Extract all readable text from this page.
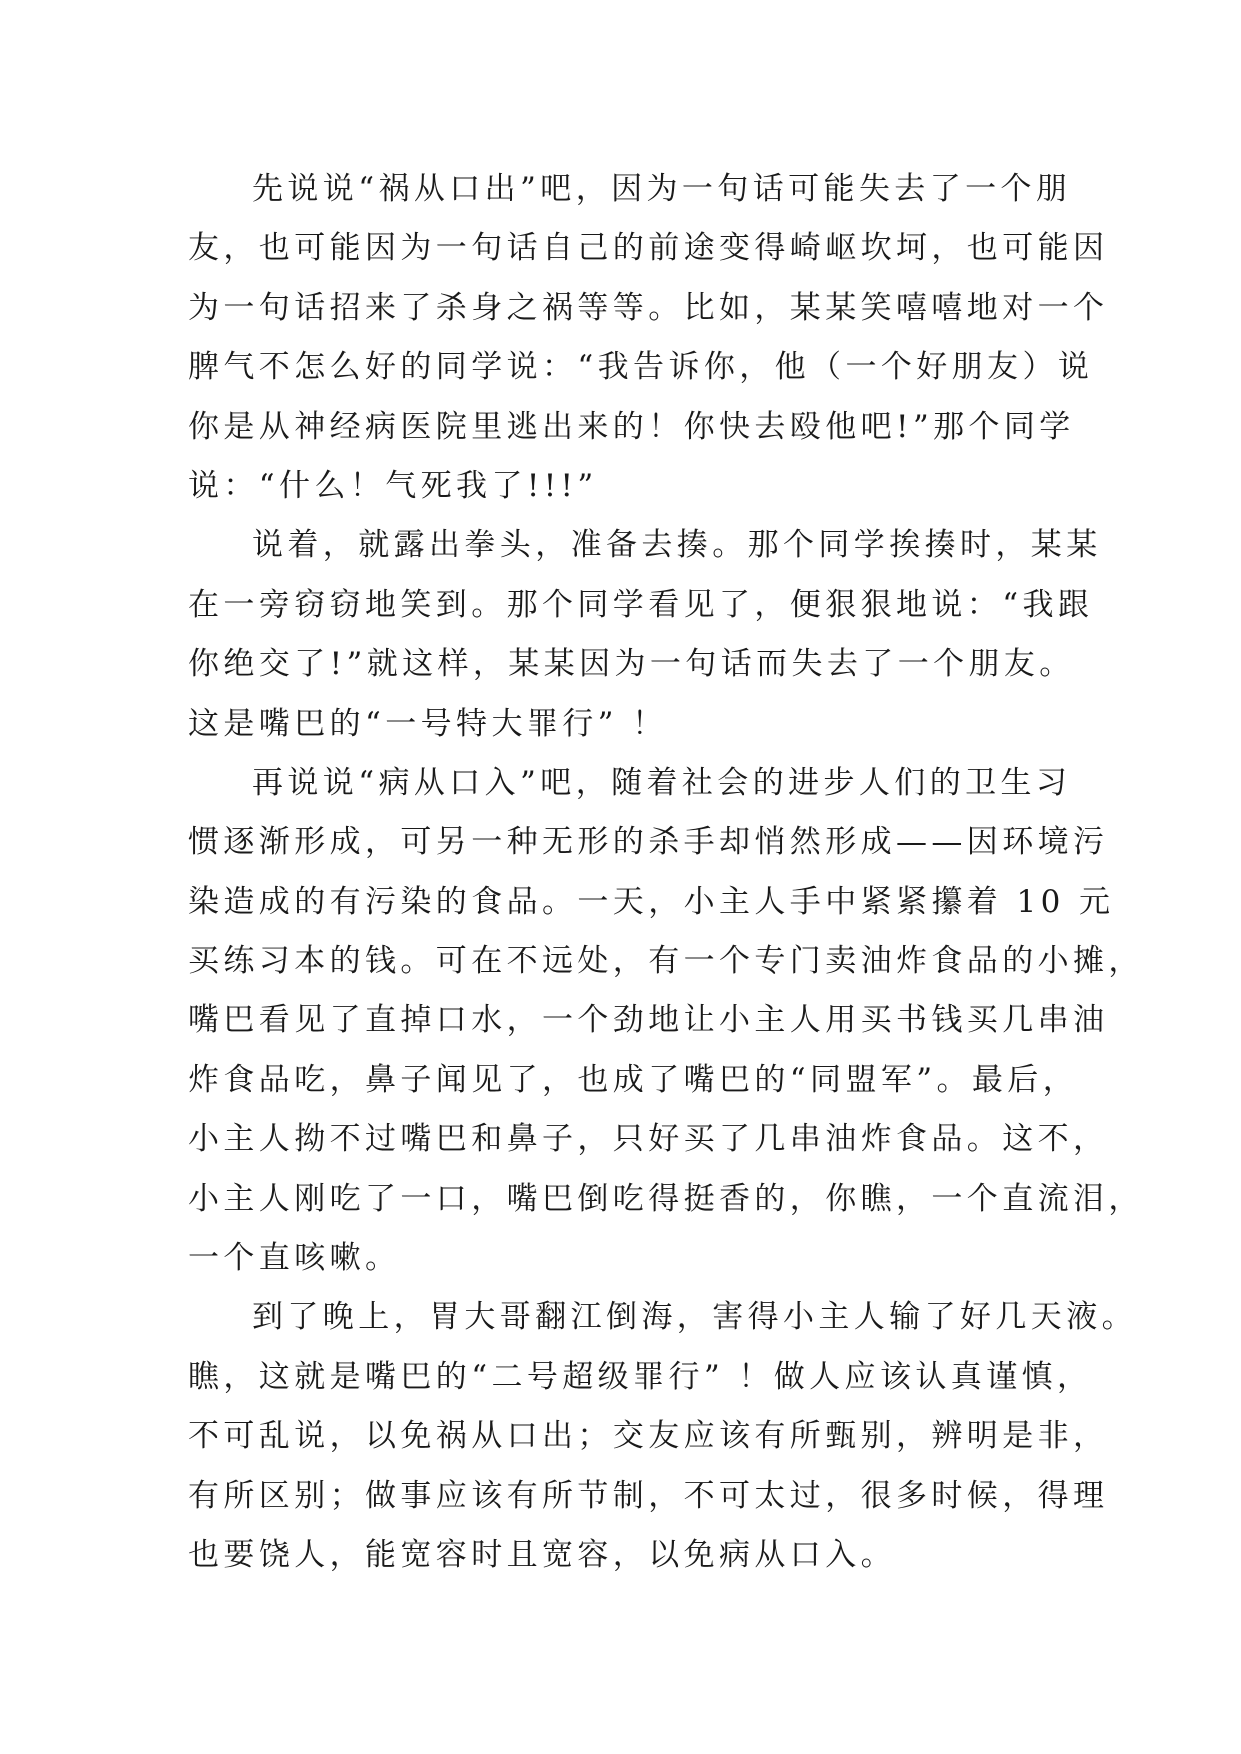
先说说“祸从口出”吧，因为一句话可能失去了一个朋
友，也可能因为一句话自己的前途变得崎岖坎坷，也可能因
为一句话招来了杀身之祸等等。比如，某某笑嘻嘻地对一个
脾气不怎么好的同学说：“我告诉你，他（一个好朋友）说
你是从神经病医院里逃出来的！你快去殴他吧!”那个同学
说：“什么！气死我了!!!”
说着，就露出拳头，准备去揍。那个同学挨揍时，某某
在一旁窃窃地笑到。那个同学看见了，便狠狠地说：“我跟
你绝交了!”就这样，某某因为一句话而失去了一个朋友。
这是嘴巴的“一号特大罪行” ！
再说说“病从口入”吧，随着社会的进步人们的卫生习
惯逐渐形成，可另一种无形的杀手却悄然形成——因环境污
染造成的有污染的食品。一天，小主人手中紧紧攥着 10 元
买练习本的钱。可在不远处，有一个专门卖油炸食品的小摊，
嘴巴看见了直掉口水，一个劲地让小主人用买书钱买几串油
炸食品吃，鼻子闻见了，也成了嘴巴的“同盟军”。最后，
小主人拗不过嘴巴和鼻子，只好买了几串油炸食品。这不，
小主人刚吃了一口，嘴巴倒吃得挺香的，你瞧，一个直流泪，
一个直咳嗽。
到了晚上，胃大哥翻江倒海，害得小主人输了好几天液。
瞧，这就是嘴巴的“二号超级罪行” ！做人应该认真谨慎，
不可乱说，以免祸从口出；交友应该有所甄别，辨明是非，
有所区别；做事应该有所节制，不可太过，很多时候，得理
也要饶人，能宽容时且宽容，以免病从口入。
